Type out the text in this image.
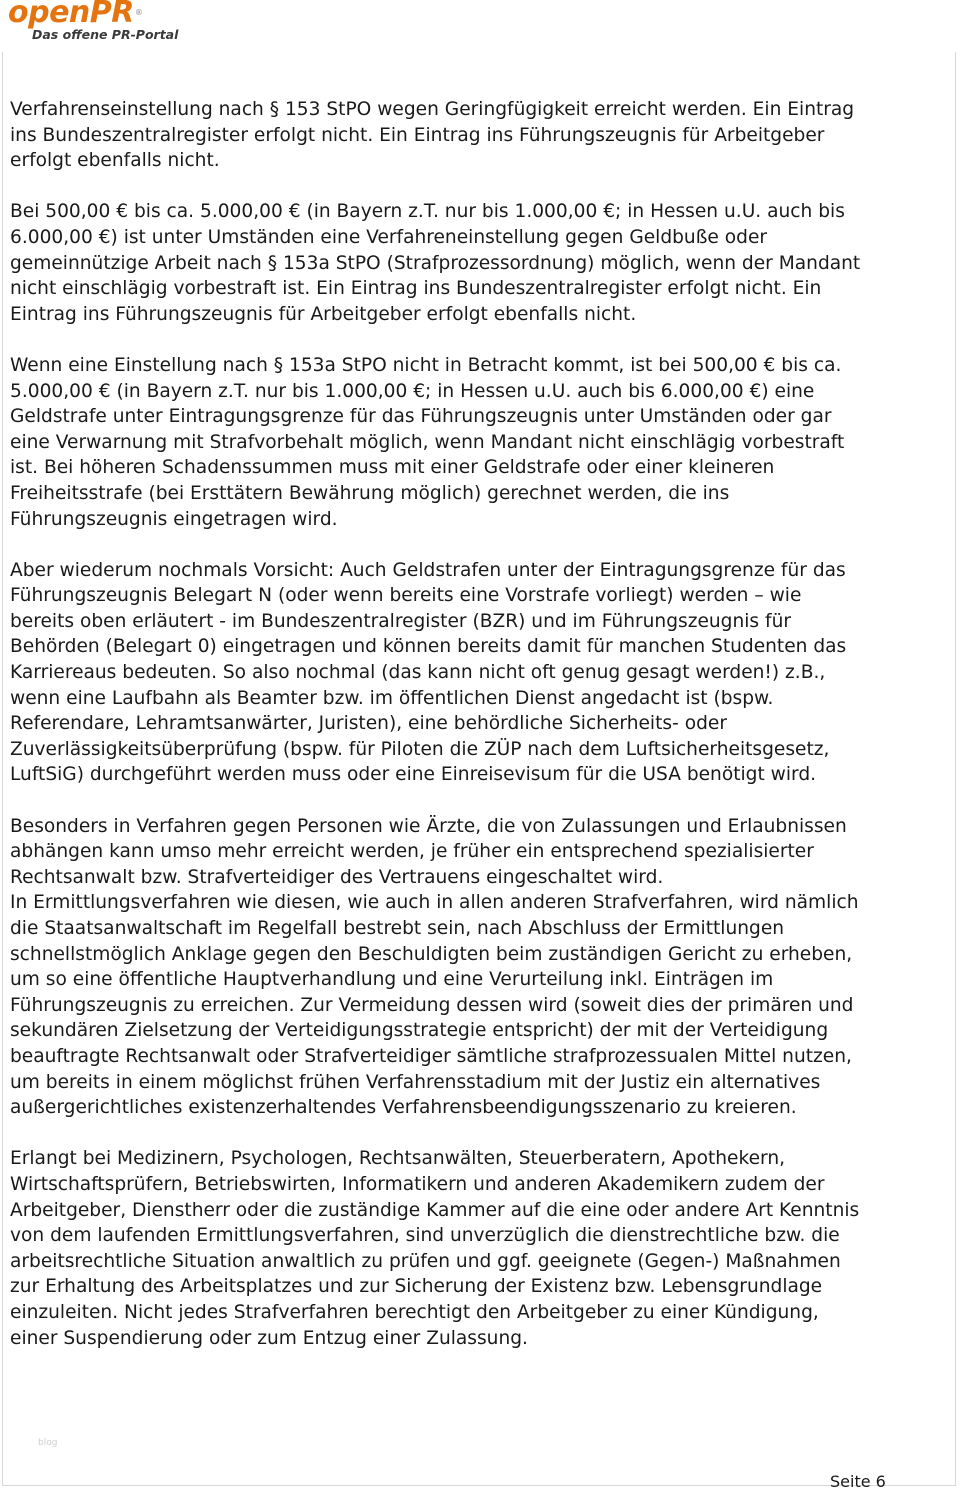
openPR®
Das offene PR-Portal

Verfahrenseinstellung nach § 153 StPO wegen Geringfügigkeit erreicht werden. Ein Eintrag
ins Bundeszentralregister erfolgt nicht. Ein Eintrag ins Führungszeugnis für Arbeitgeber
erfolgt ebenfalls nicht.

Bei 500,00 € bis ca. 5.000,00 € (in Bayern z.T. nur bis 1.000,00 €; in Hessen u.U. auch bis
6.000,00 €) ist unter Umständen eine Verfahreneinstellung gegen Geldbuße oder
gemeinnützige Arbeit nach § 153a StPO (Strafprozessordnung) möglich, wenn der Mandant
nicht einschlägig vorbestraft ist. Ein Eintrag ins Bundeszentralregister erfolgt nicht. Ein
Eintrag ins Führungszeugnis für Arbeitgeber erfolgt ebenfalls nicht.

Wenn eine Einstellung nach § 153a StPO nicht in Betracht kommt, ist bei 500,00 € bis ca.
5.000,00 € (in Bayern z.T. nur bis 1.000,00 €; in Hessen u.U. auch bis 6.000,00 €) eine
Geldstrafe unter Eintragungsgrenze für das Führungszeugnis unter Umständen oder gar
eine Verwarnung mit Strafvorbehalt möglich, wenn Mandant nicht einschlägig vorbestraft
ist. Bei höheren Schadenssummen muss mit einer Geldstrafe oder einer kleineren
Freiheitsstrafe (bei Ersttätern Bewährung möglich) gerechnet werden, die ins
Führungszeugnis eingetragen wird.

Aber wiederum nochmals Vorsicht: Auch Geldstrafen unter der Eintragungsgrenze für das
Führungszeugnis Belegart N (oder wenn bereits eine Vorstrafe vorliegt) werden – wie
bereits oben erläutert - im Bundeszentralregister (BZR) und im Führungszeugnis für
Behörden (Belegart 0) eingetragen und können bereits damit für manchen Studenten das
Karriereaus bedeuten. So also nochmal (das kann nicht oft genug gesagt werden!) z.B.,
wenn eine Laufbahn als Beamter bzw. im öffentlichen Dienst angedacht ist (bspw.
Referendare, Lehramtsanwärter, Juristen), eine behördliche Sicherheits- oder
Zuverlässigkeitsüberprüfung (bspw. für Piloten die ZÜP nach dem Luftsicherheitsgesetz,
LuftSiG) durchgeführt werden muss oder eine Einreisevisum für die USA benötigt wird.

Besonders in Verfahren gegen Personen wie Ärzte, die von Zulassungen und Erlaubnissen
abhängen kann umso mehr erreicht werden, je früher ein entsprechend spezialisierter
Rechtsanwalt bzw. Strafverteidiger des Vertrauens eingeschaltet wird.

In Ermittlungsverfahren wie diesen, wie auch in allen anderen Strafverfahren, wird nämlich
die Staatsanwaltschaft im Regelfall bestrebt sein, nach Abschluss der Ermittlungen
schnellstmöglich Anklage gegen den Beschuldigten beim zuständigen Gericht zu erheben,
um so eine öffentliche Hauptverhandlung und eine Verurteilung inkl. Einträgen im
Führungszeugnis zu erreichen. Zur Vermeidung dessen wird (soweit dies der primären und
sekundären Zielsetzung der Verteidigungsstrategie entspricht) der mit der Verteidigung
beauftragte Rechtsanwalt oder Strafverteidiger sämtliche strafprozessualen Mittel nutzen,
um bereits in einem möglichst frühen Verfahrensstadium mit der Justiz ein alternatives
außergerichtliches existenzerhaltendes Verfahrensbeendigungsszenario zu kreieren.

Erlangt bei Medizinern, Psychologen, Rechtsanwälten, Steuerberatern, Apothekern,
Wirtschaftsprüfern, Betriebswirten, Informatikern und anderen Akademikern zudem der
Arbeitgeber, Dienstherr oder die zuständige Kammer auf die eine oder andere Art Kenntnis
von dem laufenden Ermittlungsverfahren, sind unverzüglich die dienstrechtliche bzw. die
arbeitsrechtliche Situation anwaltlich zu prüfen und ggf. geeignete (Gegen-) Maßnahmen
zur Erhaltung des Arbeitsplatzes und zur Sicherung der Existenz bzw. Lebensgrundlage
einzuleiten. Nicht jedes Strafverfahren berechtigt den Arbeitgeber zu einer Kündigung,
einer Suspendierung oder zum Entzug einer Zulassung.

blog
Seite 6
